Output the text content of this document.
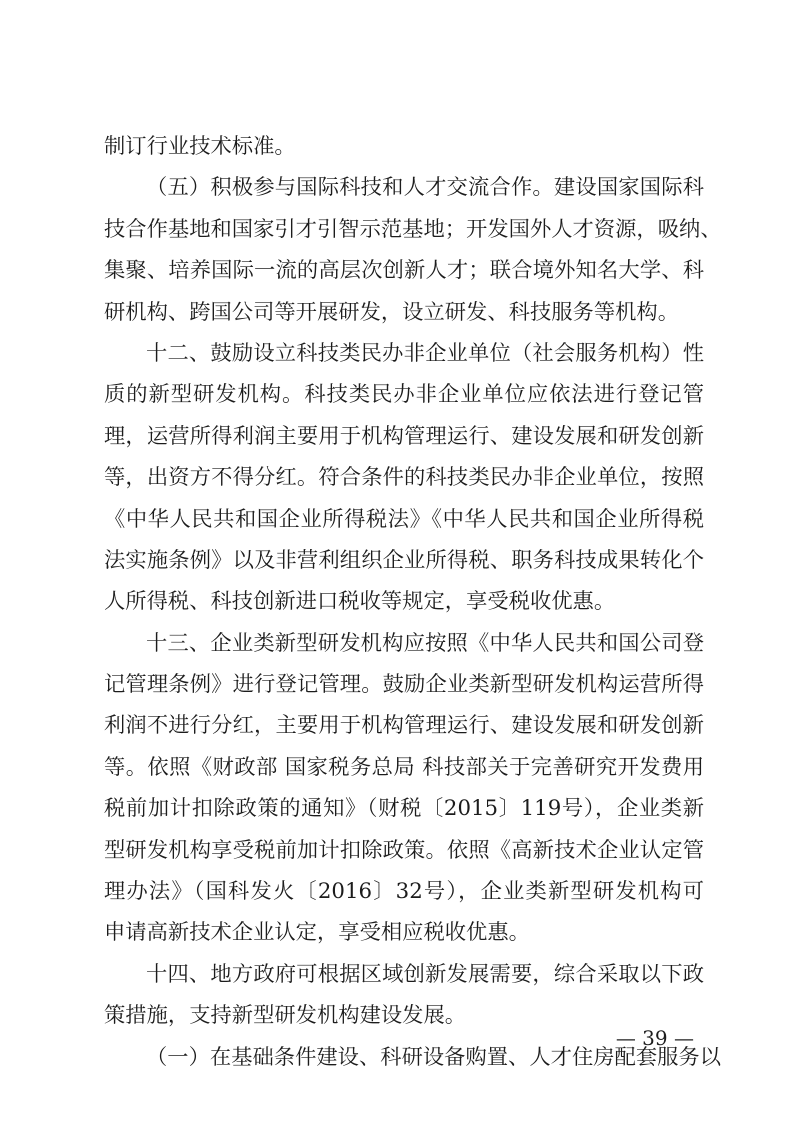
制订行业技术标准。
（五）积极参与国际科技和人才交流合作。建设国家国际科
技合作基地和国家引才引智示范基地；开发国外人才资源，吸纳、
集聚、培养国际一流的高层次创新人才；联合境外知名大学、科
研机构、跨国公司等开展研发，设立研发、科技服务等机构。
十二、鼓励设立科技类民办非企业单位（社会服务机构）性
质的新型研发机构。科技类民办非企业单位应依法进行登记管
理，运营所得利润主要用于机构管理运行、建设发展和研发创新
等，出资方不得分红。符合条件的科技类民办非企业单位，按照
《中华人民共和国企业所得税法》《中华人民共和国企业所得税
法实施条例》以及非营利组织企业所得税、职务科技成果转化个
人所得税、科技创新进口税收等规定，享受税收优惠。
十三、企业类新型研发机构应按照《中华人民共和国公司登
记管理条例》进行登记管理。鼓励企业类新型研发机构运营所得
利润不进行分红，主要用于机构管理运行、建设发展和研发创新
等。依照《财政部 国家税务总局 科技部关于完善研究开发费用
税前加计扣除政策的通知》（财税〔2015〕119号），企业类新
型研发机构享受税前加计扣除政策。依照《高新技术企业认定管
理办法》（国科发火〔2016〕32号），企业类新型研发机构可
申请高新技术企业认定，享受相应税收优惠。
十四、地方政府可根据区域创新发展需要，综合采取以下政
策措施，支持新型研发机构建设发展。
（一）在基础条件建设、科研设备购置、人才住房配套服务以
— 39 —
